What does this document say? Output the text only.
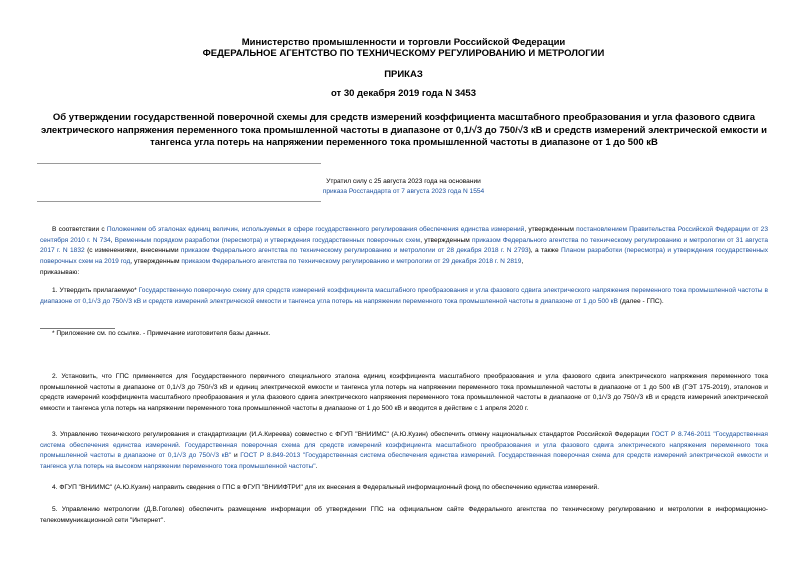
Министерство промышленности и торговли Российской Федерации
ФЕДЕРАЛЬНОЕ АГЕНТСТВО ПО ТЕХНИЧЕСКОМУ РЕГУЛИРОВАНИЮ И МЕТРОЛОГИИ
ПРИКАЗ
от 30 декабря 2019 года N 3453
Об утверждении государственной поверочной схемы для средств измерений коэффициента масштабного преобразования и угла фазового сдвига электрического напряжения переменного тока промышленной частоты в диапазоне от 0,1/√3 до 750/√3 кВ и средств измерений электрической емкости и тангенса угла потерь на напряжении переменного тока промышленной частоты в диапазоне от 1 до 500 кВ
Утратил силу с 25 августа 2023 года на основании
приказа Росстандарта от 7 августа 2023 года N 1554
В соответствии с Положением об эталонах единиц величин, используемых в сфере государственного регулирования обеспечения единства измерений, утвержденным постановлением Правительства Российской Федерации от 23 сентября 2010 г. N 734, Временным порядком разработки (пересмотра) и утверждения государственных поверочных схем, утвержденным приказом Федерального агентства по техническому регулированию и метрологии от 31 августа 2017 г. N 1832 (с изменениями, внесенными приказом Федерального агентства по техническому регулированию и метрологии от 28 декабря 2018 г. N 2793), а также Планом разработки (пересмотра) и утверждения государственных поверочных схем на 2019 год, утвержденным приказом Федерального агентства по техническому регулированию и метрологии от 29 декабря 2018 г. N 2819,
приказываю:
1. Утвердить прилагаемую* Государственную поверочную схему для средств измерений коэффициента масштабного преобразования и угла фазового сдвига электрического напряжения переменного тока промышленной частоты в диапазоне от 0,1/√3 до 750/√3 кВ и средств измерений электрической емкости и тангенса угла потерь на напряжении переменного тока промышленной частоты в диапазоне от 1 до 500 кВ (далее - ГПС).
* Приложение см. по ссылке. - Примечание изготовителя базы данных.
2. Установить, что ГПС применяется для Государственного первичного специального эталона единиц коэффициента масштабного преобразования и угла фазового сдвига электрического напряжения переменного тока промышленной частоты в диапазоне от 0,1/√3 до 750/√3 кВ и единиц электрической емкости и тангенса угла потерь на напряжении переменного тока промышленной частоты в диапазоне от 1 до 500 кВ (ГЭТ 175-2019), эталонов и средств измерений коэффициента масштабного преобразования и угла фазового сдвига электрического напряжения переменного тока промышленной частоты в диапазоне от 0,1/√3 до 750/√3 кВ и средств измерений электрической емкости и тангенса угла потерь на напряжении переменного тока промышленной частоты в диапазоне от 1 до 500 кВ и вводится в действие с 1 апреля 2020 г.
3. Управлению технического регулирования и стандартизации (И.А.Киреева) совместно с ФГУП "ВНИИМС" (А.Ю.Кузин) обеспечить отмену национальных стандартов Российской Федерации ГОСТ Р 8.746-2011 "Государственная система обеспечения единства измерений. Государственная поверочная схема для средств измерений коэффициента масштабного преобразования и угла фазового сдвига электрического напряжения переменного тока промышленной частоты в диапазоне от 0,1/√3 до 750/√3 кВ" и ГОСТ Р 8.849-2013 "Государственная система обеспечения единства измерений. Государственная поверочная схема для средств измерений электрической емкости и тангенса угла потерь на высоком напряжении переменного тока промышленной частоты".
4. ФГУП "ВНИИМС" (А.Ю.Кузин) направить сведения о ГПС в ФГУП "ВНИИФТРИ" для их внесения в Федеральный информационный фонд по обеспечению единства измерений.
5. Управлению метрологии (Д.В.Гоголев) обеспечить размещение информации об утверждении ГПС на официальном сайте Федерального агентства по техническому регулированию и метрологии в информационно-телекоммуникационной сети "Интернет".
